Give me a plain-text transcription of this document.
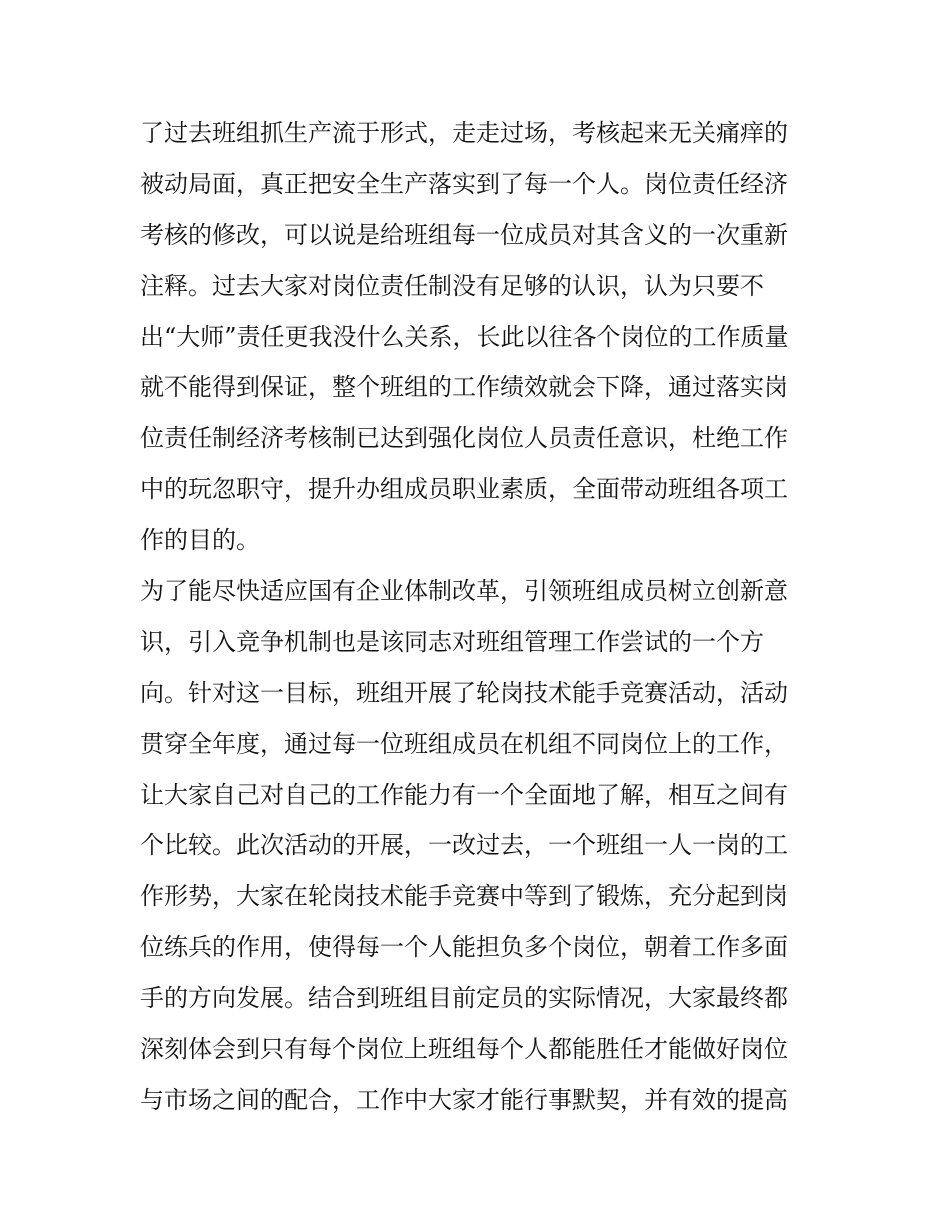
了过去班组抓生产流于形式，走走过场，考核起来无关痛痒的
被动局面，真正把安全生产落实到了每一个人。岗位责任经济
考核的修改，可以说是给班组每一位成员对其含义的一次重新
注释。过去大家对岗位责任制没有足够的认识，认为只要不
出“大师”责任更我没什么关系，长此以往各个岗位的工作质量
就不能得到保证，整个班组的工作绩效就会下降，通过落实岗
位责任制经济考核制已达到强化岗位人员责任意识，杜绝工作
中的玩忽职守，提升办组成员职业素质，全面带动班组各项工
作的目的。
为了能尽快适应国有企业体制改革，引领班组成员树立创新意
识，引入竞争机制也是该同志对班组管理工作尝试的一个方
向。针对这一目标，班组开展了轮岗技术能手竞赛活动，活动
贯穿全年度，通过每一位班组成员在机组不同岗位上的工作，
让大家自己对自己的工作能力有一个全面地了解，相互之间有
个比较。此次活动的开展，一改过去，一个班组一人一岗的工
作形势，大家在轮岗技术能手竞赛中等到了锻炼，充分起到岗
位练兵的作用，使得每一个人能担负多个岗位，朝着工作多面
手的方向发展。结合到班组目前定员的实际情况，大家最终都
深刻体会到只有每个岗位上班组每个人都能胜任才能做好岗位
与市场之间的配合，工作中大家才能行事默契，并有效的提高
